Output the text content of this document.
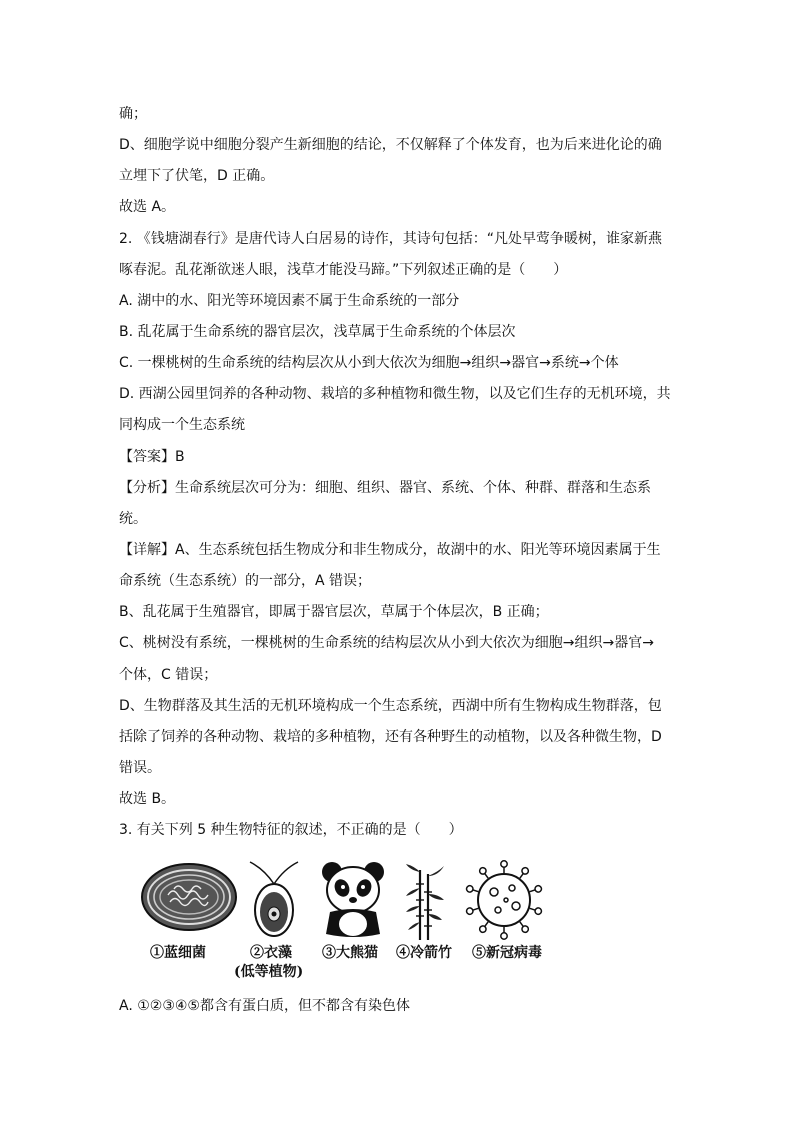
确；
D、细胞学说中细胞分裂产生新细胞的结论，不仅解释了个体发育，也为后来进化论的确
立埋下了伏笔，D 正确。
故选 A。
2. 《钱塘湖春行》是唐代诗人白居易的诗作，其诗句包括：“凡处早莺争暖树，谁家新燕
啄春泥。乱花渐欲迷人眼，浅草才能没马蹄。”下列叙述正确的是（　　）
A. 湖中的水、阳光等环境因素不属于生命系统的一部分
B. 乱花属于生命系统的器官层次，浅草属于生命系统的个体层次
C. 一棵桃树的生命系统的结构层次从小到大依次为细胞→组织→器官→系统→个体
D. 西湖公园里饲养的各种动物、栽培的多种植物和微生物，以及它们生存的无机环境，共
同构成一个生态系统
【答案】B
【分析】生命系统层次可分为：细胞、组织、器官、系统、个体、种群、群落和生态系
统。
【详解】A、生态系统包括生物成分和非生物成分，故湖中的水、阳光等环境因素属于生
命系统（生态系统）的一部分，A 错误；
B、乱花属于生殖器官，即属于器官层次，草属于个体层次，B 正确；
C、桃树没有系统，一棵桃树的生命系统的结构层次从小到大依次为细胞→组织→器官→
个体，C 错误；
D、生物群落及其生活的无机环境构成一个生态系统，西湖中所有生物构成生物群落，包
括除了饲养的各种动物、栽培的多种植物，还有各种野生的动植物，以及各种微生物，D
错误。
故选 B。
3. 有关下列 5 种生物特征的叙述，不正确的是（　　）
①蓝细菌	②衣藻
(低等植物)
③大熊猫 ④冷箭竹 ⑤新冠病毒
A. ①②③④⑤都含有蛋白质，但不都含有染色体
